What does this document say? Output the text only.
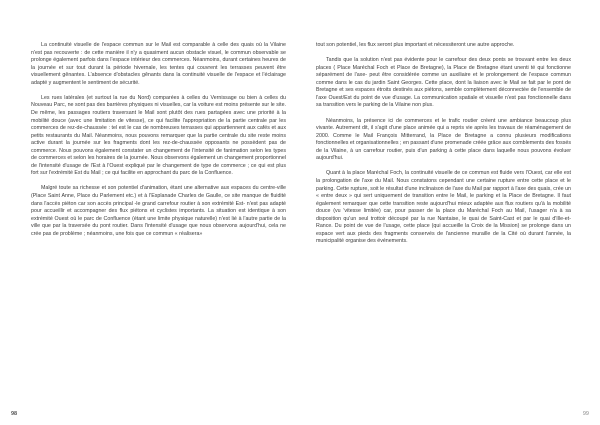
La continuité visuelle de l'espace commun sur le Mail est comparable à celle des quais où la Vilaine n'est pas recouverte : de cette manière il n'y a quasiment aucun obstacle visuel, le commun observable se prolonge également parfois dans l'espace intérieur des commerces. Néanmoins, durant certaines heures de la journée et sur tout durant la période hivernale, les tentes qui couvrent les terrasses peuvent être visuellement gênantes. L'absence d'obstacles gênants dans la continuité visuelle de l'espace et l'éclairage adapté y augmentent le sentiment de sécurité.

Les rues latérales (et surtout la rue du Nord) comparées à celles du Vernissage ou bien à celles du Nouveau Parc, ne sont pas des barrières physiques ni visuelles, car la voiture est moins présente sur le site. De même, les passages routiers traversant le Mail sont plutôt des rues partagées avec une priorité à la mobilité douce (avec une limitation de vitesse), ce qui facilite l'appropriation de la partie centrale par les commerces de rez-de-chaussée : tel est le cas de nombreuses terrasses qui appartiennent aux cafés et aux petits restaurants du Mail. Néanmoins, nous pouvons remarquer que la partie centrale du site reste moins active durant la journée sur les fragments dont les rez-de-chaussée opposants ne possèdent pas de commerce. Nous pouvons également constater un changement de l'intensité de fanimation selon les types de commerces et selon les horaires de la journée. Nous observons également un changement proportionnel de l'intensité d'usage de l'Est à l'Ouest expliqué par le changement de type de commerce ; ce qui est plus fort sur l'extrémité Est du Mail ; ce qui facilite en approchant du parc de la Confluence.

Malgré toute sa richesse et son potentiel d'animation, étant une alternative aux espaces du centre-ville (Place Saint Anne, Place du Parlement etc.) et à l'Esplanade Charles de Gaulle, ce site manque de fluidité dans l'accès piéton car son accès principal -le grand carrefour routier à son extrémité Est- n'est pas adapté pour accueillir et accompagner des flux piétons et cyclistes importants. La situation est identique à son extrémité Ouest où le parc de Confluence (étant une limite physique naturelle) n'est lié à l'autre partie de la ville que par la traversée du pont routier. Dans l'intensité d'usage que nous observons aujourd'hui, cela ne crée pas de problème ; néanmoins, une fois que ce commun « réalisera»

tout son potentiel, les flux seront plus important et nécessiteront une autre approche.

Tandis que la solution n'est pas évidente pour le carrefour des deux ponts se trouvant entre les deux places ( Place Maréchal Foch et Place de Bretagne), la Place de Bretagne étant unenti té qui fonctionne séparément de l'axe- peut être considérée comme un auxiliaire et le prolongement de l'espace commun comme dans le cas du jardin Saint Georges. Cette place, dont la liaison avec le Mail se fait par le pont de Bretagne et ses espaces étroits destinés aux piétons, semble complètement déconnectée de l'ensemble de l'axe Ouest/Est du point de vue d'usage. La communication spatiale et visuelle n'est pas fonctionnelle dans sa transition vers le parking de la Vilaine non plus.

Néanmoins, la présence ici de commerces et le trafic routier créent une ambiance beaucoup plus vivante. Autrement dit, il s'agit d'une place animée qui a repris vie après les travaux de réaménagement de 2000. Comme le Mail François Mitterrand, la Place de Bretagne a connu plusieurs modifications fonctionnelles et organisationnelles ; en passant d'une promenade créée grâce aux comblements des fossés de la Vilaine, à un carrefour routier, puis d'un parking à cette place dans laquelle nous pouvons évoluer aujourd'hui.

Quant à la place Maréchal Foch, la continuité visuelle de ce commun est fluide vers l'Ouest, car elle est la prolongation de l'axe du Mail. Nous constatons cependant une certaine rupture entre cette place et le parking. Cette rupture, soit le résultat d'une inclinaison de l'axe du Mail par rapport à l'axe des quais, crée un « entre deux » qui sert uniquement de transition entre le Mail, le parking et la Place de Bretagne. Il faut également remarquer que cette transition reste aujourd'hui mieux adaptée aux flux routiers qu'à la mobilité douce (vu 'vitesse limitée) car, pour passer de la place du Maréchal Foch au Mail, l'usager n'a à sa disposition qu'un seul trottoir découpé par la rue Nantaise, le quai de Saint-Cast et par le quai d'Ille-et-Rance. Du point de vue de l'usage, cette place (qui accueille la Croix de la Mission) se prolonge dans un espace vert aux pieds des fragments conservés de l'ancienne muraille de la Cité où durant l'année, la municipalité organise des événements.

98	99
